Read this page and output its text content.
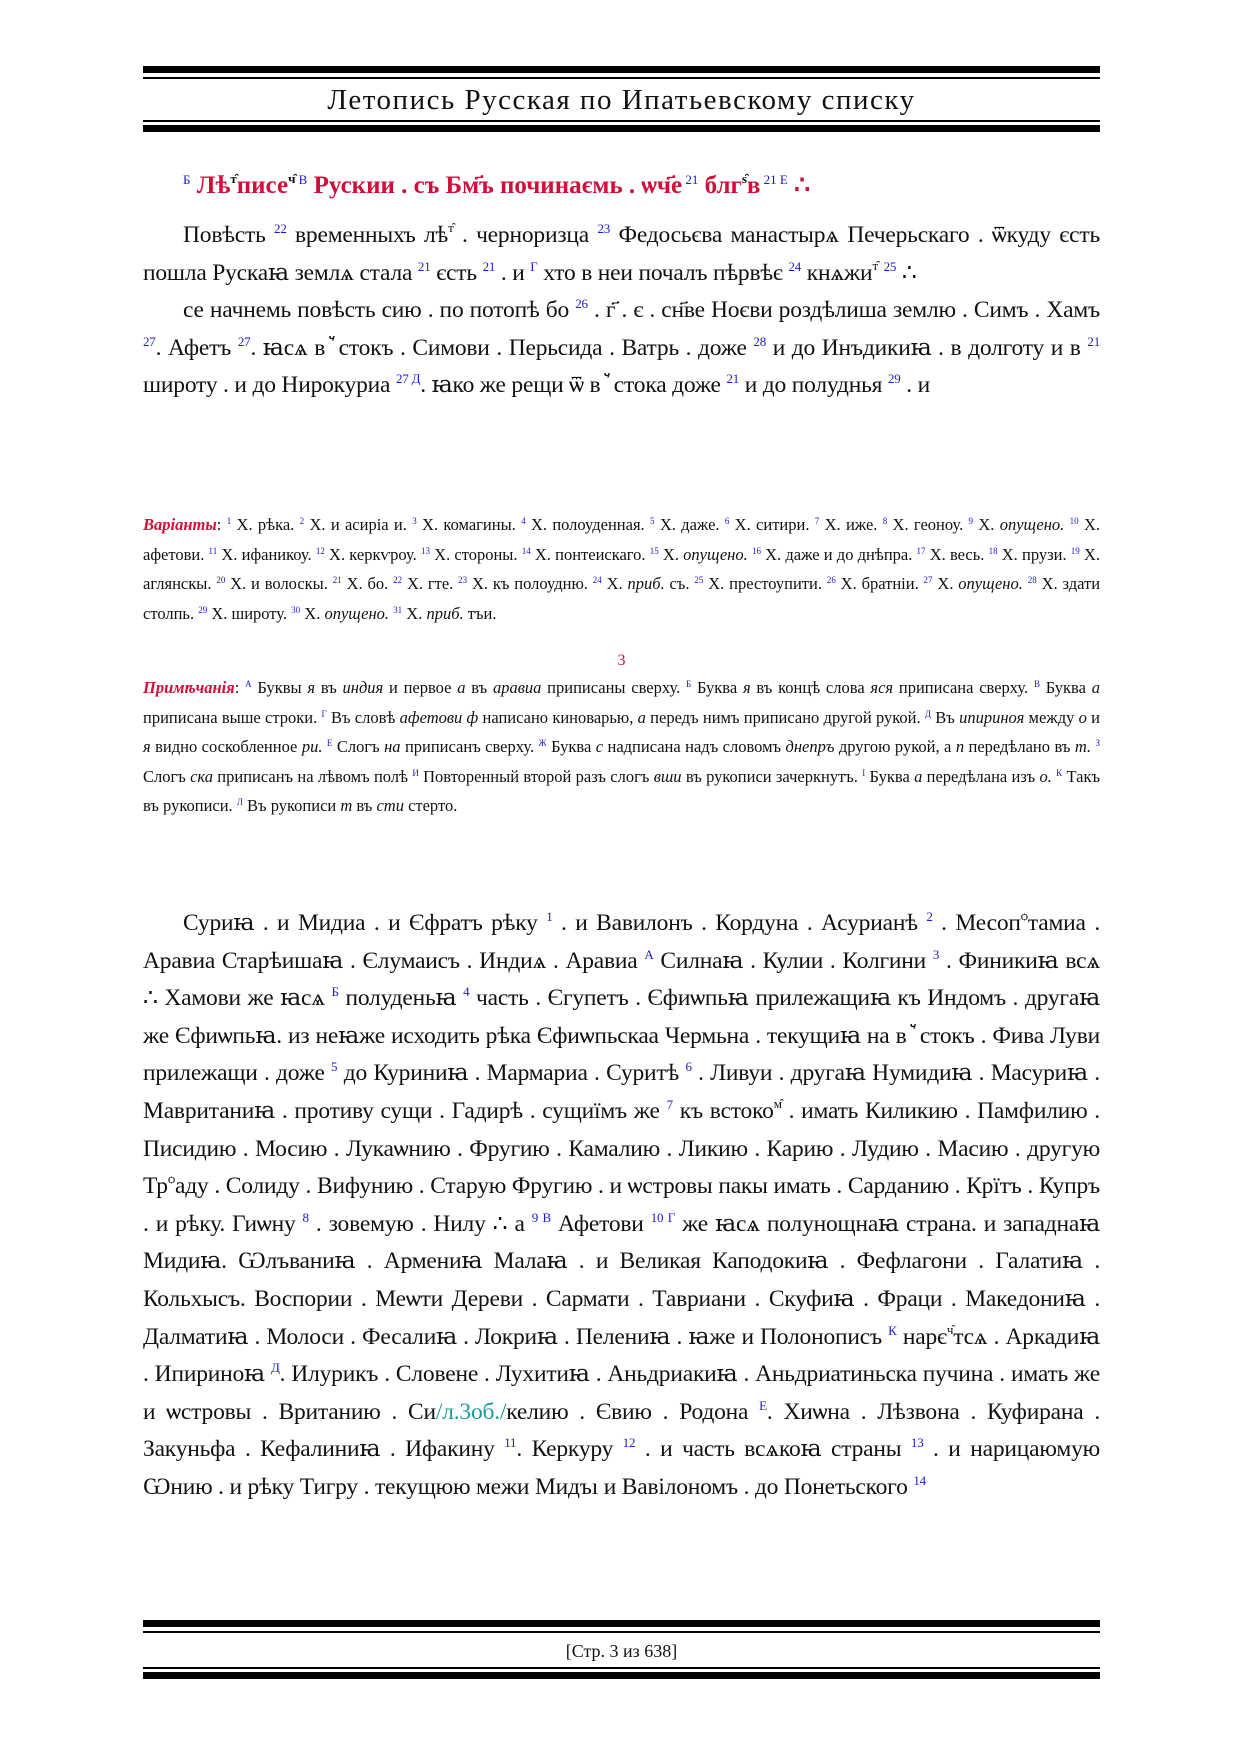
Летопись Русская по Ипатьевскому списку
$^Б$ $Лѣ^{т̑}писе^{ч̑}$ $^В$ Рускии . съ Бм҃ъ починаємь . ѡч҃е $^{21}$ блг$^{ѕ̑}$в $^{21 Е}$ ∴

Повѣсть $^{22}$ временныхъ $лѣ^{т̑}$ . черноризца $^{23}$ Федосьєва манастырѧ Печерьскаго . ѿкуду єсть пошла Рускаꙗ землѧ стала $^{21}$ єсть $^{21}$ . и $^Г$ хто в неи почалъ пѣрвѣє $^{24}$ кнѧжи$^{т̑}$ $^{25}$ ∴

се начнемь повѣсть сию . по потопѣ бо $^{26}$ . г҃ . є . сн҃ве Ноєви роздѣлиша землю . Симъ . Хамъ $^{27}$. Афетъ $^{27}$. ꙗсѧ вꙿстокъ . Симови . Перьсида . Ватрь . доже $^{28}$ и до Инъдикиꙗ . в долготу и в $^{21}$ широту . и до Нирокуриа $^{27 Д}$. ꙗко же рещи ѿ вꙿстока доже $^{21}$ и до полуднья $^{29}$ . и

Варіанты: $^1$ Х. рѣка. $^2$ Х. и асиріа и. $^3$ Х. комагины. $^4$ Х. полоуденная. $^5$ Х. даже. $^6$ Х. ситири. $^7$ Х. иже. $^8$ Х. геоноу. $^9$ Х. опущено. $^{10}$ Х. афетови. $^{11}$ Х. ифаникоу. $^{12}$ Х. керкѵроу. $^{13}$ Х. стороны. $^{14}$ Х. понтеискаго. $^{15}$ Х. опущено. $^{16}$ Х. даже и до днѣпра. $^{17}$ Х. весь. $^{18}$ Х. прузи. $^{19}$ Х. аглянскы. $^{20}$ Х. и волоскы. $^{21}$ Х. бо. $^{22}$ Х. гте. $^{23}$ Х. къ полоудню. $^{24}$ Х. приб. съ. $^{25}$ Х. престоупити. $^{26}$ Х. братніи. $^{27}$ Х. опущено. $^{28}$ Х. здати столпь. $^{29}$ Х. широту. $^{30}$ Х. опущено. $^{31}$ Х. приб. тъи.

3

Примѣчанія: $^А$ Буквы я въ индия и первое а въ аравиа приписаны сверху. $^Б$ Буква я въ концѣ слова яся приписана сверху. $^В$ Буква а приписана выше строки. $^Г$ Въ словѣ афетови ф написано киноварью, а передъ нимъ приписано другой рукой. $^Д$ Въ ипириноя между о и я видно соскобленное ри. $^Е$ Слогъ на приписанъ сверху. $^Ж$ Буква с надписана надъ словомъ днепръ другою рукой, а п передѣлано въ т. $^З$ Слогъ ска приписанъ на лѣвомъ полѣ $^И$ Повторенный второй разъ слогъ вши въ рукописи зачеркнутъ. $^І$ Буква а передѣлана изъ о. $^К$ Такъ въ рукописи. $^Л$ Въ рукописи т въ сти стерто.

Суриꙗ . и Мидиа . и Єфратъ рѣку $^1$ . и Вавилонъ . Кордуна . Асурианѣ $^2$ . Месоп$^ѻ$тамиа . Аравиа Старѣишаꙗ . Єлумаисъ . Индиѧ . Аравиа $^А$ Силнаꙗ . Кулии . Колгини $^3$ . Финикиꙗ всѧ ∴ Хамови же ꙗсѧ $^Б$ полуденьꙗ $^4$ часть . Єгупетъ . Єфиѡпьꙗ прилежащиꙗ къ Индомъ . другаꙗ же Єфиѡпьꙗ. из неꙗже исходить рѣка Єфиѡпьскаа Чермьна . текущиꙗ на вꙿстокъ . Фива Луви прилежащи . доже $^5$ до Куриниꙗ . Мармариа . Суритѣ $^6$ . Ливуи . другаꙗ Нумидиꙗ . Масуриꙗ . Мавританиꙗ . противу сущи . Гадирѣ . сущиїмъ же $^7$ къ встоко$^{м̑}$ . имать Киликию . Памфилию . Писидию . Мосию . Лукаѡнию . Фругию . Камалию . Ликию . Карию . Лудию . Масию . другую $Тр^ѻаду$ . Солиду . Вифунию . Старую Фругию . и ѡстровы пакы имать . Сарданию . Крїтъ . Купръ . и рѣку. Гиѡну $^8$ . зовемую . Нилу ∴ а $^{9 В}$ Афетови $^{10 Г}$ же ꙗсѧ полунощнаꙗ страна. и западнаꙗ Мидиꙗ. Ѡлъваниꙗ . Армениꙗ Малаꙗ . и Великая Каподокиꙗ . Фефлагони . Галатиꙗ . Кольхысъ. Воспории . Меѡти Дереви . Сармати . Тавриани . Скуфиꙗ . Фраци . Македониꙗ . Далматиꙗ . Молоси . Фесалиꙗ . Локриꙗ . Пелениꙗ . ꙗже и Полонописъ $^К$ нарє$^{ч̑}$тсѧ . Аркадиꙗ . Ипириноꙗ $^Д$. Илурикъ . Словене . Лухитиꙗ . Аньдриакиꙗ . Аньдриатиньска пучина . имать же и ѡстровы . Вританию . Си/л.3об./келию . Євию . Родона $^Е$. Хиѡна . Лѣзвона . Куфирана . Закуньфа . Кефалиниꙗ . Ифакину $^{11}$. Керкуру $^{12}$ . и часть всѧкоꙗ страны $^{13}$ . и нарицаюмую Ѡнию . и рѣку Тигру . текущюю межи Мидъı и Вавілономъ . до Понетьского $^{14}$

[Стр. 3 из 638]
